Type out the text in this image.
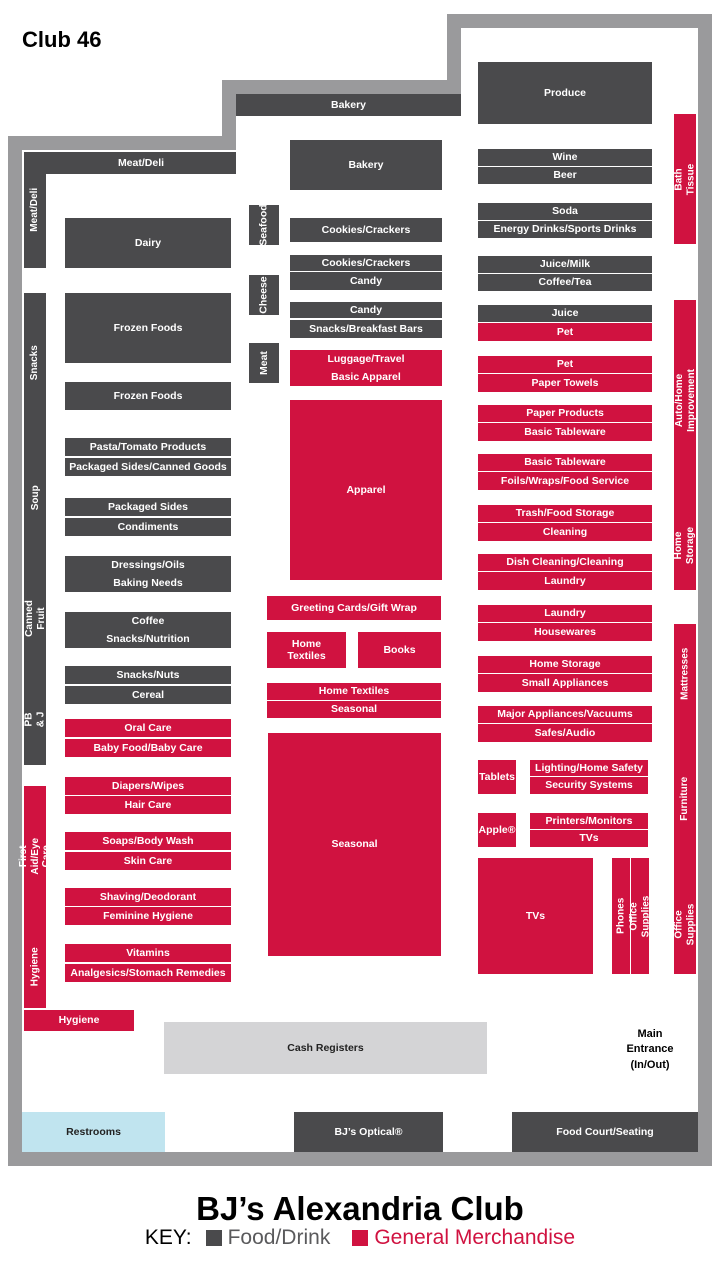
Club 46
Bakery
Meat/Deli
Meat/Deli
Bakery
Produce
Dairy
Frozen Foods
Frozen Foods
Pasta/Tomato Products
Packaged Sides/Canned Goods
Packaged Sides
Condiments
Dressings/Oils
Baking Needs
Coffee
Snacks/Nutrition
Snacks/Nuts
Cereal
Oral Care
Baby Food/Baby Care
Diapers/Wipes
Hair Care
Soaps/Body Wash
Skin Care
Shaving/Deodorant
Feminine Hygiene
Vitamins
Analgesics/Stomach Remedies
Snacks
Soup
Canned Fruit
PB & J
First Aid/Eye Care
Hygiene
Hygiene
Seafood
Cheese
Meat
Cookies/Crackers
Cookies/Crackers
Candy
Candy
Snacks/Breakfast Bars
Luggage/Travel
Basic Apparel
Apparel
Greeting Cards/Gift Wrap
Home
Textiles
Books
Home Textiles
Seasonal
Seasonal
Wine
Beer
Soda
Energy Drinks/Sports Drinks
Juice/Milk
Coffee/Tea
Juice
Pet
Pet
Paper Towels
Paper Products
Basic Tableware
Basic Tableware
Foils/Wraps/Food Service
Trash/Food Storage
Cleaning
Dish Cleaning/Cleaning
Laundry
Laundry
Housewares
Home Storage
Small Appliances
Major Appliances/Vacuums
Safes/Audio
Tablets
Lighting/Home Safety
Security Systems
Apple®
Printers/Monitors
TVs
TVs	Phones Office Supplies
Bath Tissue
Auto/Home Improvement
Home Storage
Mattresses
Furniture
Office Supplies
Cash Registers
Restrooms	BJ’s Optical®	Food Court/Seating
Main
Entrance
(In/Out)
BJ’s Alexandria Club
KEY: Food/Drink General Merchandise
